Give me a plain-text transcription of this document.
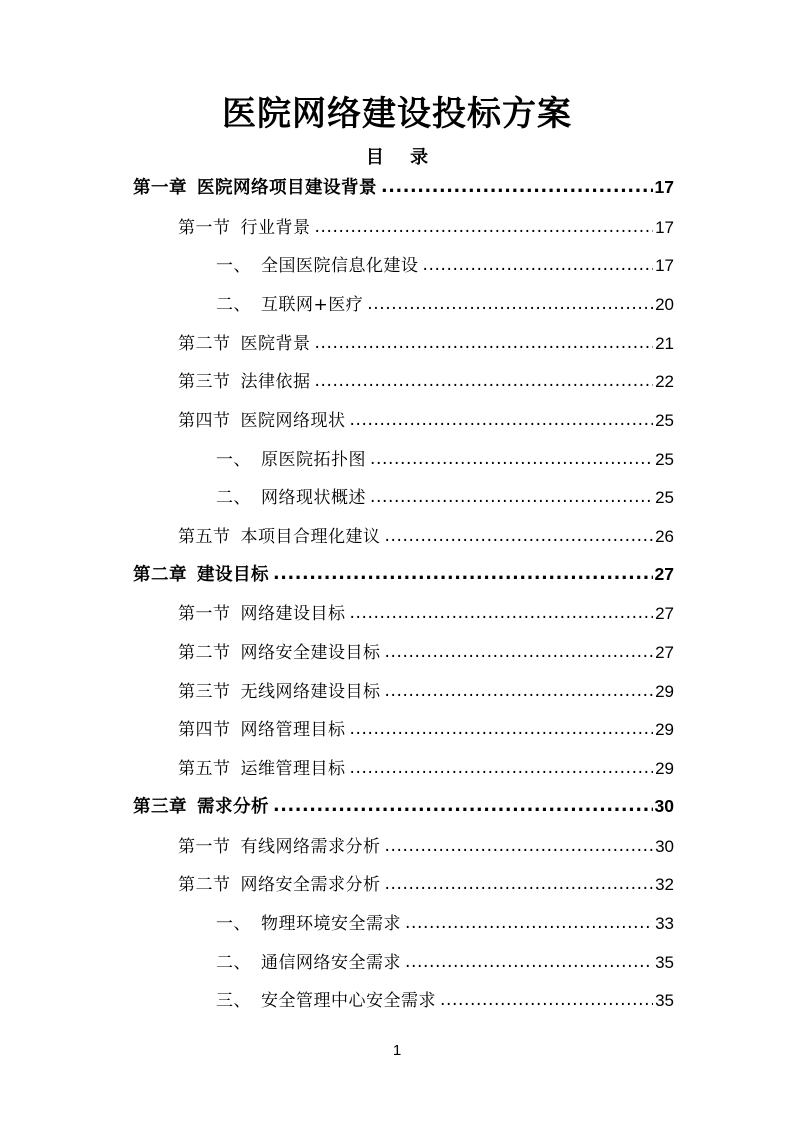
医院网络建设投标方案
目 录
第一章 医院网络项目建设背景 .....	17
第一节 行业背景 .....	17
一、 全国医院信息化建设 .....	17
二、 互联网+医疗 .....	20
第二节 医院背景 .....	21
第三节 法律依据 .....	22
第四节 医院网络现状 .....	25
一、 原医院拓扑图 .....	25
二、 网络现状概述 .....	25
第五节 本项目合理化建议 .....	26
第二章 建设目标 .....	27
第一节 网络建设目标 .....	27
第二节 网络安全建设目标 .....	27
第三节 无线网络建设目标 .....	29
第四节 网络管理目标 .....	29
第五节 运维管理目标 .....	29
第三章 需求分析 .....	30
第一节 有线网络需求分析 .....	30
第二节 网络安全需求分析 .....	32
一、 物理环境安全需求 .....	33
二、 通信网络安全需求 .....	35
三、 安全管理中心安全需求 .....	35
1
